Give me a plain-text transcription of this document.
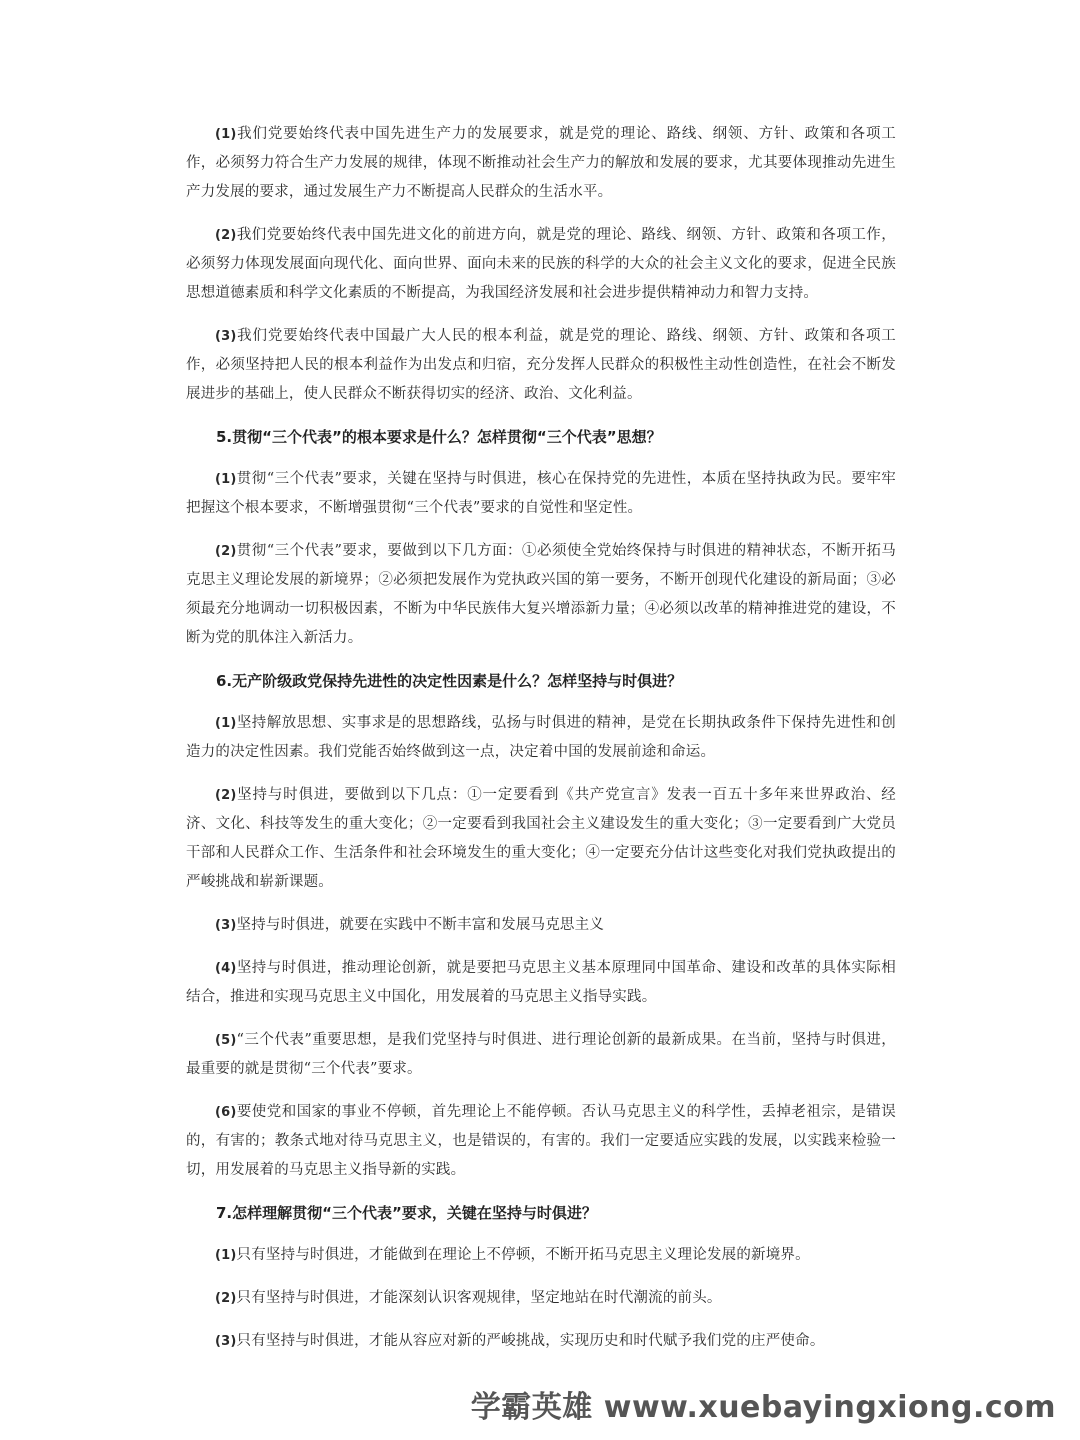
(1)我们党要始终代表中国先进生产力的发展要求，就是党的理论、路线、纲领、方针、政策和各项工作，必须努力符合生产力发展的规律，体现不断推动社会生产力的解放和发展的要求，尤其要体现推动先进生产力发展的要求，通过发展生产力不断提高人民群众的生活水平。

(2)我们党要始终代表中国先进文化的前进方向，就是党的理论、路线、纲领、方针、政策和各项工作，必须努力体现发展面向现代化、面向世界、面向未来的民族的科学的大众的社会主义文化的要求，促进全民族思想道德素质和科学文化素质的不断提高，为我国经济发展和社会进步提供精神动力和智力支持。

(3)我们党要始终代表中国最广大人民的根本利益，就是党的理论、路线、纲领、方针、政策和各项工作，必须坚持把人民的根本利益作为出发点和归宿，充分发挥人民群众的积极性主动性创造性，在社会不断发展进步的基础上，使人民群众不断获得切实的经济、政治、文化利益。

5.贯彻“三个代表”的根本要求是什么？怎样贯彻“三个代表”思想？

(1)贯彻“三个代表”要求，关键在坚持与时俱进，核心在保持党的先进性，本质在坚持执政为民。要牢牢把握这个根本要求，不断增强贯彻“三个代表”要求的自觉性和坚定性。

(2)贯彻“三个代表”要求，要做到以下几方面：①必须使全党始终保持与时俱进的精神状态，不断开拓马克思主义理论发展的新境界；②必须把发展作为党执政兴国的第一要务，不断开创现代化建设的新局面；③必须最充分地调动一切积极因素，不断为中华民族伟大复兴增添新力量；④必须以改革的精神推进党的建设，不断为党的肌体注入新活力。

6.无产阶级政党保持先进性的决定性因素是什么？怎样坚持与时俱进？

(1)坚持解放思想、实事求是的思想路线，弘扬与时俱进的精神，是党在长期执政条件下保持先进性和创造力的决定性因素。我们党能否始终做到这一点，决定着中国的发展前途和命运。

(2)坚持与时俱进，要做到以下几点：①一定要看到《共产党宣言》发表一百五十多年来世界政治、经济、文化、科技等发生的重大变化；②一定要看到我国社会主义建设发生的重大变化；③一定要看到广大党员干部和人民群众工作、生活条件和社会环境发生的重大变化；④一定要充分估计这些变化对我们党执政提出的严峻挑战和崭新课题。

(3)坚持与时俱进，就要在实践中不断丰富和发展马克思主义

(4)坚持与时俱进，推动理论创新，就是要把马克思主义基本原理同中国革命、建设和改革的具体实际相结合，推进和实现马克思主义中国化，用发展着的马克思主义指导实践。

(5)“三个代表”重要思想，是我们党坚持与时俱进、进行理论创新的最新成果。在当前，坚持与时俱进，最重要的就是贯彻“三个代表”要求。

(6)要使党和国家的事业不停顿，首先理论上不能停顿。否认马克思主义的科学性，丢掉老祖宗，是错误的，有害的；教条式地对待马克思主义，也是错误的，有害的。我们一定要适应实践的发展，以实践来检验一切，用发展着的马克思主义指导新的实践。

7.怎样理解贯彻“三个代表”要求，关键在坚持与时俱进？

(1)只有坚持与时俱进，才能做到在理论上不停顿，不断开拓马克思主义理论发展的新境界。

(2)只有坚持与时俱进，才能深刻认识客观规律，坚定地站在时代潮流的前头。

(3)只有坚持与时俱进，才能从容应对新的严峻挑战，实现历史和时代赋予我们党的庄严使命。

学霸英雄 www.xuebayingxiong.com
